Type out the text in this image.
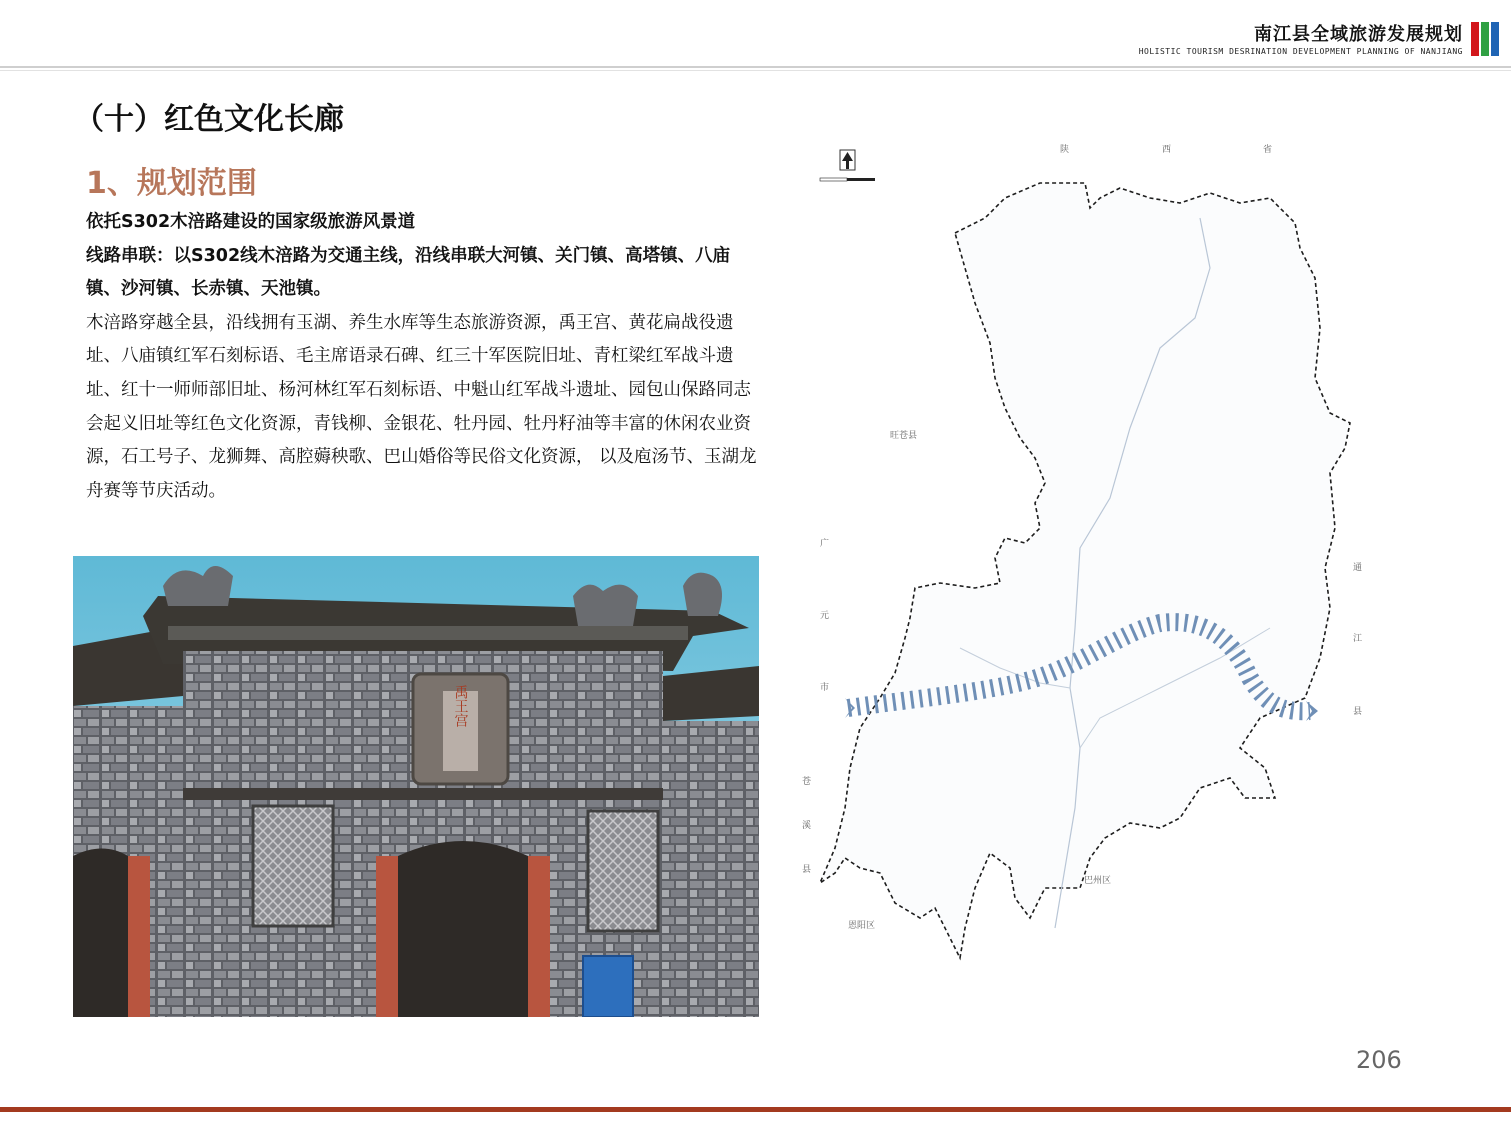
南江县全域旅游发展规划
HOLISTIC TOURISM DESRINATION DEVELOPMENT PLANNING OF NANJIANG
（十）红色文化长廊
1、规划范围
依托S302木涪路建设的国家级旅游风景道
线路串联：以S302线木涪路为交通主线，沿线串联大河镇、关门镇、高塔镇、八庙镇、沙河镇、长赤镇、天池镇。
木涪路穿越全县，沿线拥有玉湖、养生水库等生态旅游资源，禹王宫、黄花扁战役遗址、八庙镇红军石刻标语、毛主席语录石碑、红三十军医院旧址、青杠梁红军战斗遗址、红十一师师部旧址、杨河林红军石刻标语、中魁山红军战斗遗址、园包山保路同志会起义旧址等红色文化资源，青钱柳、金银花、牡丹园、牡丹籽油等丰富的休闲农业资源，石工号子、龙狮舞、高腔薅秧歌、巴山婚俗等民俗文化资源， 以及庖汤节、玉湖龙舟赛等节庆活动。
禹王宫
陕	西	省
旺苍县
广
元
市
苍
溪
县
通
江
县
恩阳区
巴州区
206
